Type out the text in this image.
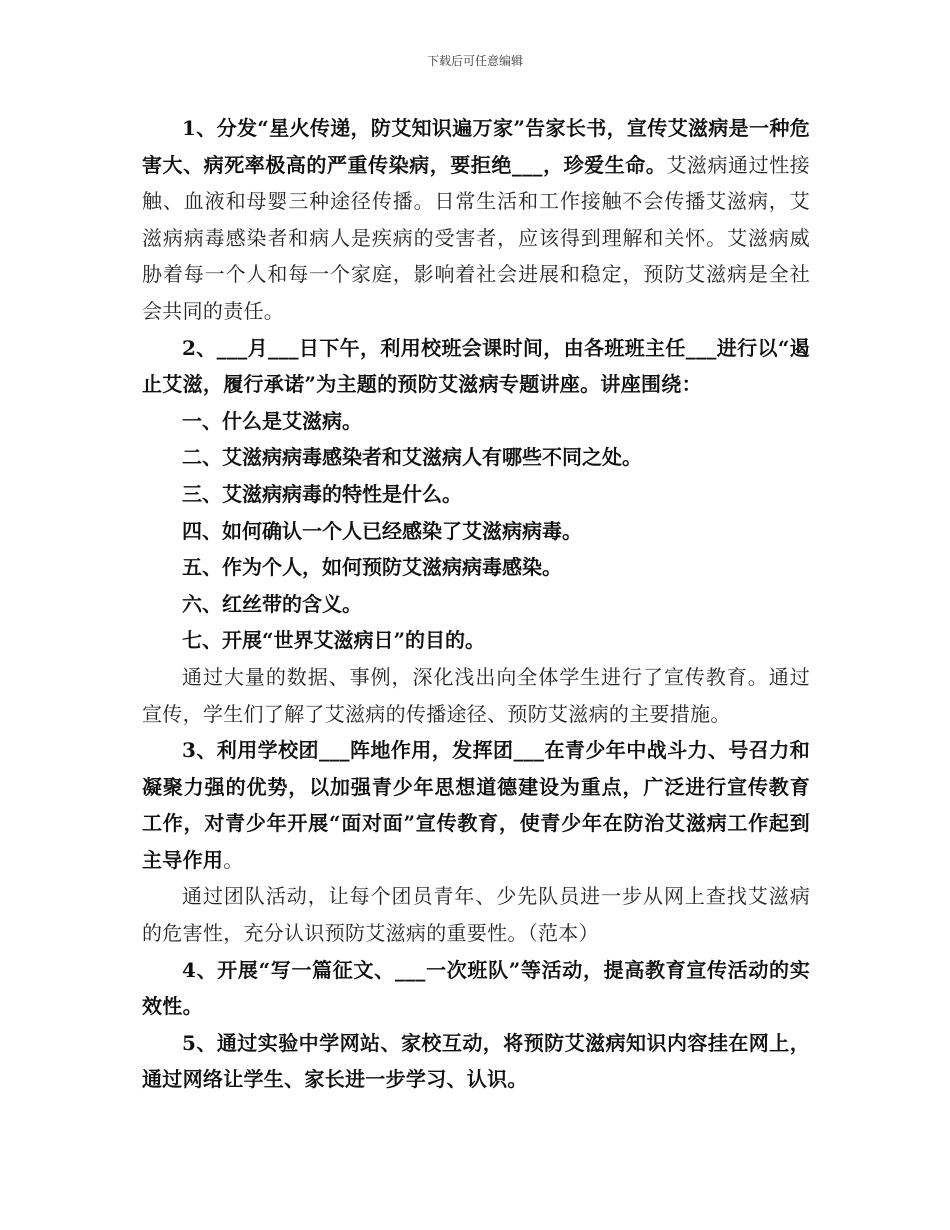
下载后可任意编辑

1、分发“星火传递，防艾知识遍万家”告家长书，宣传艾滋病是一种危害大、病死率极高的严重传染病，要拒绝___，珍爱生命。艾滋病通过性接触、血液和母婴三种途径传播。日常生活和工作接触不会传播艾滋病，艾滋病病毒感染者和病人是疾病的受害者，应该得到理解和关怀。艾滋病威胁着每一个人和每一个家庭，影响着社会进展和稳定，预防艾滋病是全社会共同的责任。

2、___月___日下午，利用校班会课时间，由各班班主任___进行以“遏止艾滋，履行承诺”为主题的预防艾滋病专题讲座。讲座围绕：

一、什么是艾滋病。

二、艾滋病病毒感染者和艾滋病人有哪些不同之处。

三、艾滋病病毒的特性是什么。

四、如何确认一个人已经感染了艾滋病病毒。

五、作为个人，如何预防艾滋病病毒感染。

六、红丝带的含义。

七、开展“世界艾滋病日”的目的。

通过大量的数据、事例，深化浅出向全体学生进行了宣传教育。通过宣传，学生们了解了艾滋病的传播途径、预防艾滋病的主要措施。

3、利用学校团___阵地作用，发挥团___在青少年中战斗力、号召力和凝聚力强的优势，以加强青少年思想道德建设为重点，广泛进行宣传教育工作，对青少年开展“面对面”宣传教育，使青少年在防治艾滋病工作起到主导作用。

通过团队活动，让每个团员青年、少先队员进一步从网上查找艾滋病的危害性，充分认识预防艾滋病的重要性。（范本）

4、开展“写一篇征文、___一次班队”等活动，提高教育宣传活动的实效性。

5、通过实验中学网站、家校互动，将预防艾滋病知识内容挂在网上，通过网络让学生、家长进一步学习、认识。
